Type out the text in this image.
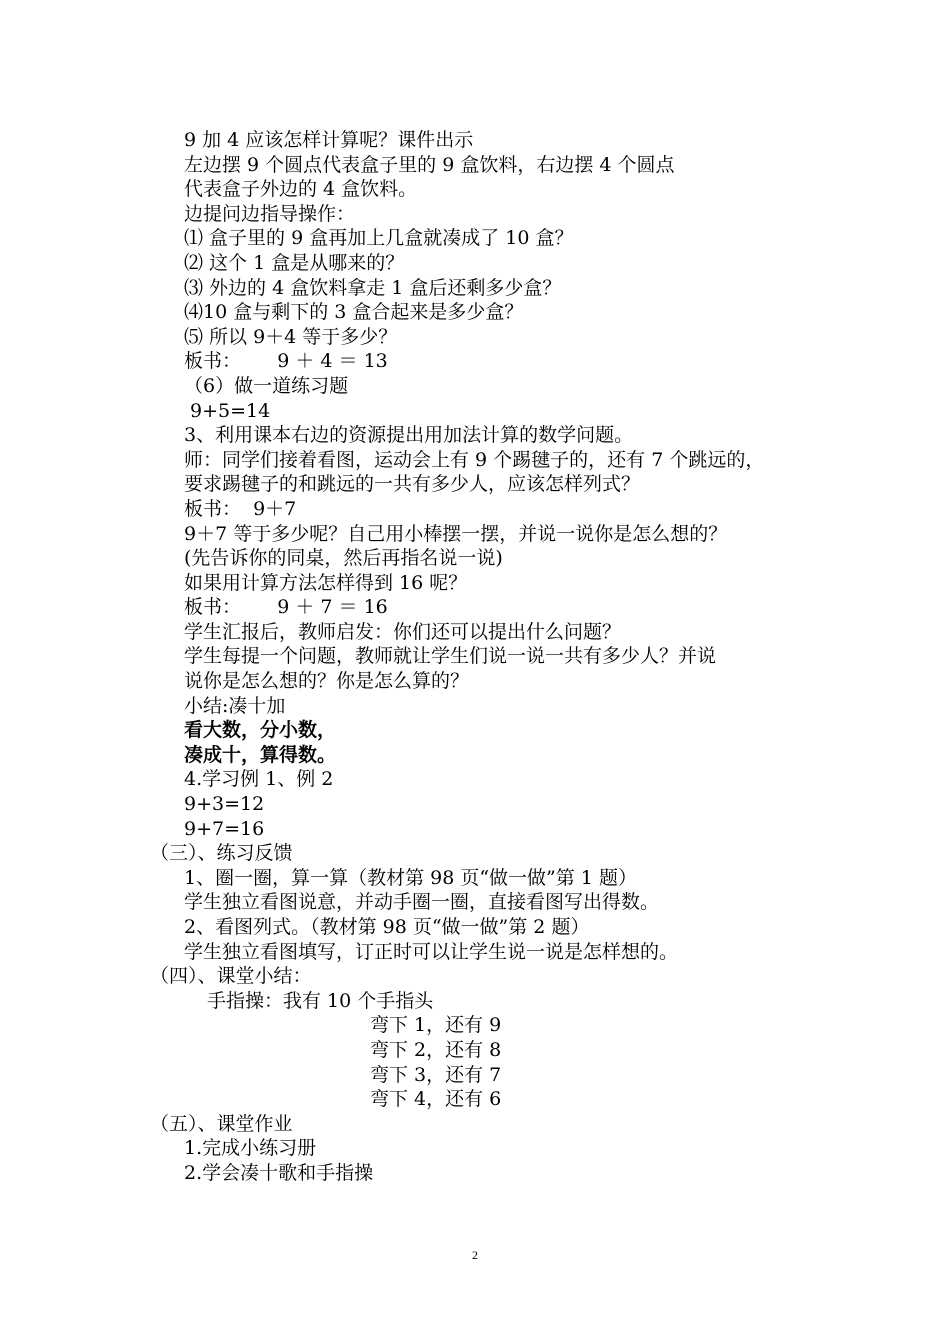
9 加 4 应该怎样计算呢？课件出示
左边摆 9 个圆点代表盒子里的 9 盒饮料，右边摆 4 个圆点
代表盒子外边的 4 盒饮料。
边提问边指导操作：
⑴ 盒子里的 9 盒再加上几盒就凑成了 10 盒？
⑵ 这个 1 盒是从哪来的？
⑶ 外边的 4 盒饮料拿走 1 盒后还剩多少盒？
⑷10 盒与剩下的 3 盒合起来是多少盒？
⑸ 所以 9＋4 等于多少？
板书：      9 ＋ 4 ＝ 13
（6）做一道练习题
9+5=14
3、利用课本右边的资源提出用加法计算的数学问题。
师：同学们接着看图，运动会上有 9 个踢毽子的，还有 7 个跳远的，
要求踢毽子的和跳远的一共有多少人，应该怎样列式？
板书：  9＋7
9＋7 等于多少呢？自己用小棒摆一摆，并说一说你是怎么想的？
(先告诉你的同桌，然后再指名说一说)
如果用计算方法怎样得到 16 呢？
板书：      9 ＋ 7 ＝ 16
学生汇报后，教师启发：你们还可以提出什么问题？
学生每提一个问题，教师就让学生们说一说一共有多少人？并说
说你是怎么想的？你是怎么算的？
小结:凑十加
看大数，分小数，
凑成十，算得数。
4.学习例 1、例 2
9+3=12
9+7=16
（三）、练习反馈
1、圈一圈，算一算（教材第 98 页“做一做”第 1 题）
学生独立看图说意，并动手圈一圈，直接看图写出得数。
2、看图列式。（教材第 98 页“做一做”第 2 题）
学生独立看图填写，订正时可以让学生说一说是怎样想的。
（四）、课堂小结：
手指操：我有 10 个手指头
弯下 1，还有 9
弯下 2，还有 8
弯下 3，还有 7
弯下 4，还有 6
（五）、课堂作业
1.完成小练习册
2.学会凑十歌和手指操
2
